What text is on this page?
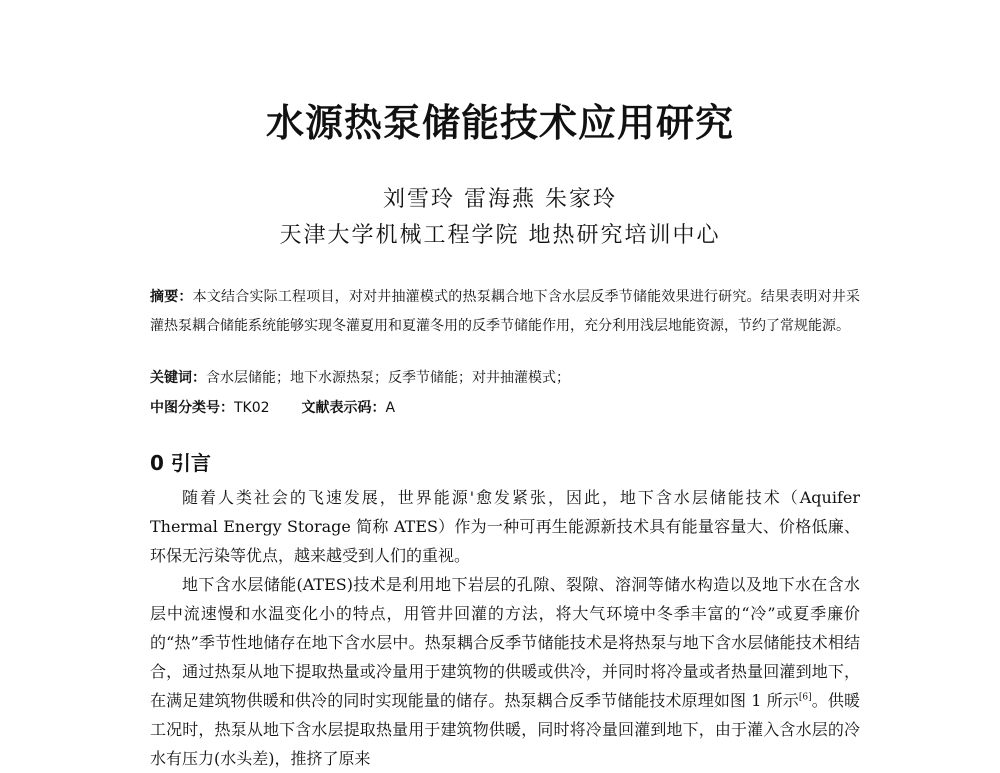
水源热泵储能技术应用研究
刘雪玲 雷海燕 朱家玲
天津大学机械工程学院 地热研究培训中心
摘要：本文结合实际工程项目，对对井抽灌模式的热泵耦合地下含水层反季节储能效果进行研究。结果表明对井采灌热泵耦合储能系统能够实现冬灌夏用和夏灌冬用的反季节储能作用，充分利用浅层地能资源，节约了常规能源。
关键词：含水层储能；地下水源热泵；反季节储能；对井抽灌模式；
中图分类号：TK02 文献表示码：A
0 引言

随着人类社会的飞速发展，世界能源'愈发紧张，因此，地下含水层储能技术（Aquifer Thermal Energy Storage 简称 ATES）作为一种可再生能源新技术具有能量容量大、价格低廉、环保无污染等优点，越来越受到人们的重视。

地下含水层储能(ATES)技术是利用地下岩层的孔隙、裂隙、溶洞等储水构造以及地下水在含水层中流速慢和水温变化小的特点，用管井回灌的方法，将大气环境中冬季丰富的“冷”或夏季廉价的“热”季节性地储存在地下含水层中。热泵耦合反季节储能技术是将热泵与地下含水层储能技术相结合，通过热泵从地下提取热量或冷量用于建筑物的供暖或供冷，并同时将冷量或者热量回灌到地下，在满足建筑物供暖和供冷的同时实现能量的储存。热泵耦合反季节储能技术原理如图 1 所示[6]。供暖工况时，热泵从地下含水层提取热量用于建筑物供暖，同时将冷量回灌到地下，由于灌入含水层的冷水有压力(水头差)，推挤了原来
